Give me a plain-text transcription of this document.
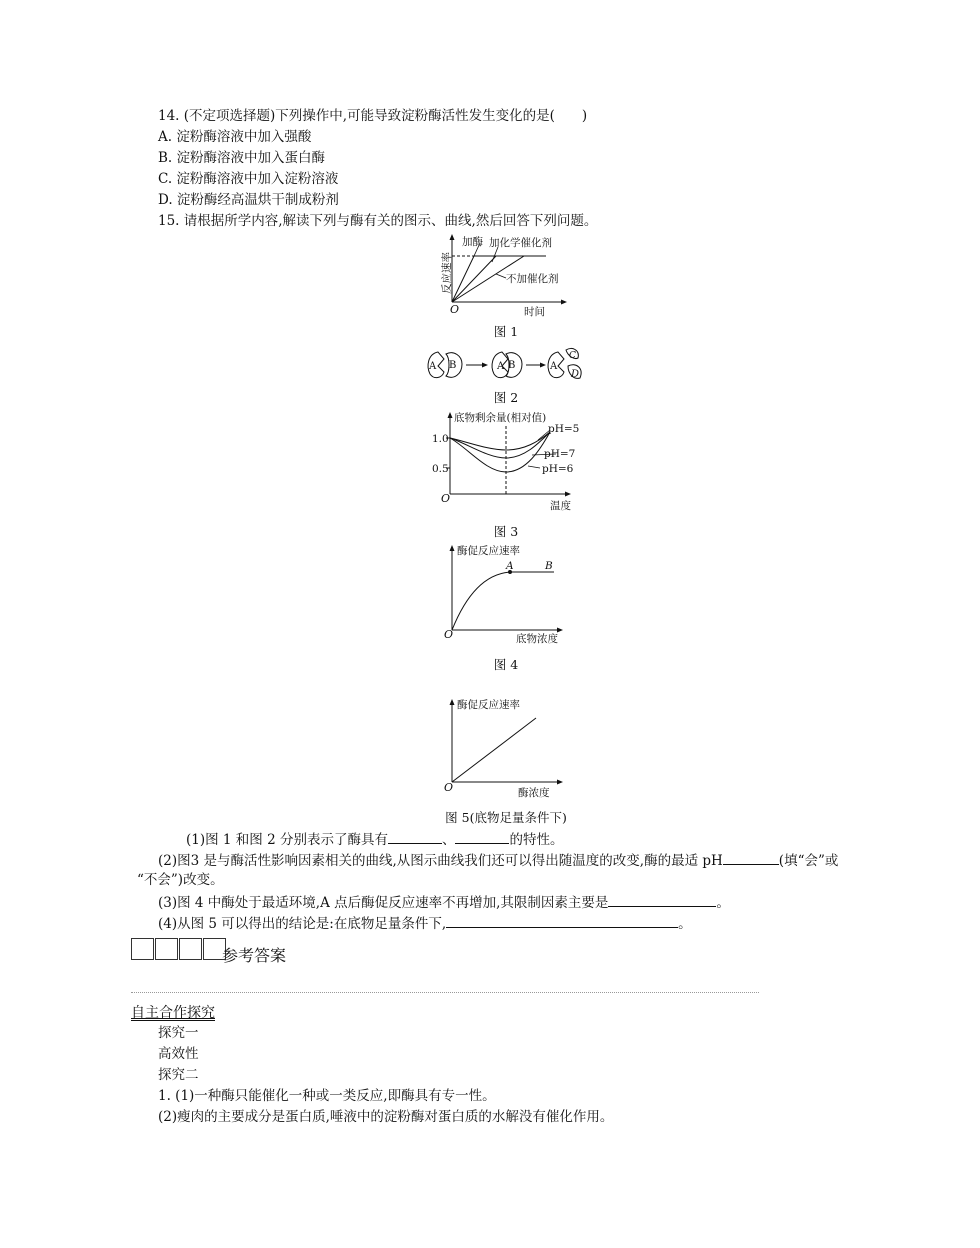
14. (不定项选择题)下列操作中,可能导致淀粉酶活性发生变化的是(　　)
A. 淀粉酶溶液中加入强酸
B. 淀粉酶溶液中加入蛋白酶
C. 淀粉酶溶液中加入淀粉溶液
D. 淀粉酶经高温烘干制成粉剂
15. 请根据所学内容,解读下列与酶有关的图示、曲线,然后回答下列问题。
加酶 加化学催化剂
不加催化剂
时间
O
反应速率
图 1
A B	A B	A
C
D
图 2
底物剩余量(相对值)
1.0
0.5
pH=5
pH=7
pH=6
O
温度
图 3
酶促反应速率
A	B
O	底物浓度
图 4
酶促反应速率
O	酶浓度
图 5(底物足量条件下)
(1)图 1 和图 2 分别表示了酶具有	、	的特性。
(2)图3 是与酶活性影响因素相关的曲线,从图示曲线我们还可以得出随温度的改变,酶的最适 pH	(填“会”或
“不会”)改变。
(3)图 4 中酶处于最适环境,A 点后酶促反应速率不再增加,其限制因素主要是	。
(4)从图 5 可以得出的结论是:在底物足量条件下,	。
参考答案
自主合作探究
探究一
高效性
探究二
1. (1)一种酶只能催化一种或一类反应,即酶具有专一性。
(2)瘦肉的主要成分是蛋白质,唾液中的淀粉酶对蛋白质的水解没有催化作用。
